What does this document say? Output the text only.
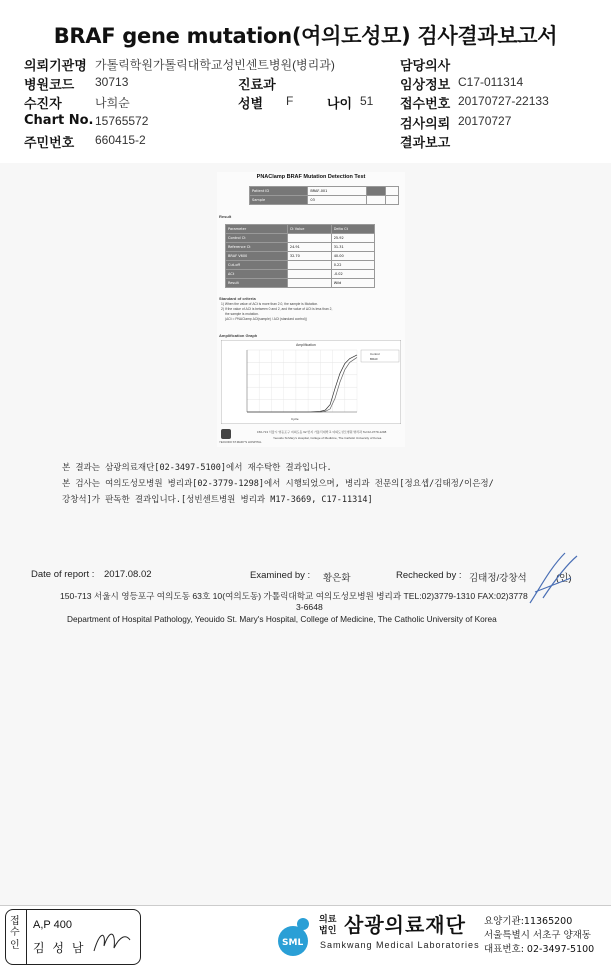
BRAF gene mutation(여의도성모) 검사결과보고서
의뢰기관명 가톨릭학원가톨릭대학교성빈센트병원(병리과)	담당의사
병원코드 30713	진료과	임상정보 C17-011314
수진자	나희순	성별 F	나이 51 접수번호 20170727-22133
Chart No. 15765572	검사의뢰 20170727
주민번호 660415-2	결과보고
PNAClamp BRAF Mutation Detection Test
Patient ID	BRAF-001		
Sample	03		
Result
Parameter	Ct Value	Delta Ct
Control Ct		25.92
Reference Ct	24.91	31.31
BRAF V600	32.70	40.00
Cut-off		0.22
ΔCt		-0.02
Result		Wild
Standard of criteria
1) When the value of ΔCt is more than 2.0, the sample is Mutation.
2) If the value of ΔCt is between 0 and 2, and the value of ΔCt is less than 2,
the sample is mutation.
(ΔCt = PNAClamp ΔCt(sample) / ΔCt (standard control))
Amplification Graph
Amplification
Control
BRAF
Cycle
YEOUIDO ST.MARY'S HOSPITAL
150-713 서울시 영등포구 여의도동 62 번지 가톨릭대학교 여의도성모병원 병리과 Tel 02-3779-1298
Yeouido St.Mary's Hospital, College of Medicine, The Catholic University of Korea
본 결과는 삼광의료재단[02-3497-5100]에서 재수탁한 결과입니다.
본 검사는 여의도성모병원 병리과[02-3779-1298]에서 시행되었으며, 병리과 전문의[정요셉/김태정/이은정/
강창석]가 판독한 결과입니다.[성빈센트병원 병리과 M17-3669, C17-11314]
Date of report : 2017.08.02	Examined by : 황은화	Rechecked by : 김태정/강창석	(인)
150-713 서울시 영등포구 여의도동 63호 10(여의도동) 가톨릭대학교 여의도성모병원 병리과 TEL:02)3779-1310 FAX:02)3778
3-6648
Department of Hospital Pathology, Yeouido St. Mary's Hospital, College of Medicine, The Catholic University of Korea
접수
인
A,P 400
김 성 남	SML
의료
법인 삼광의료재단
Samkwang Medical Laboratories
요양기관:11365200
서울특별시 서초구 양재동
대표번호: 02-3497-5100
